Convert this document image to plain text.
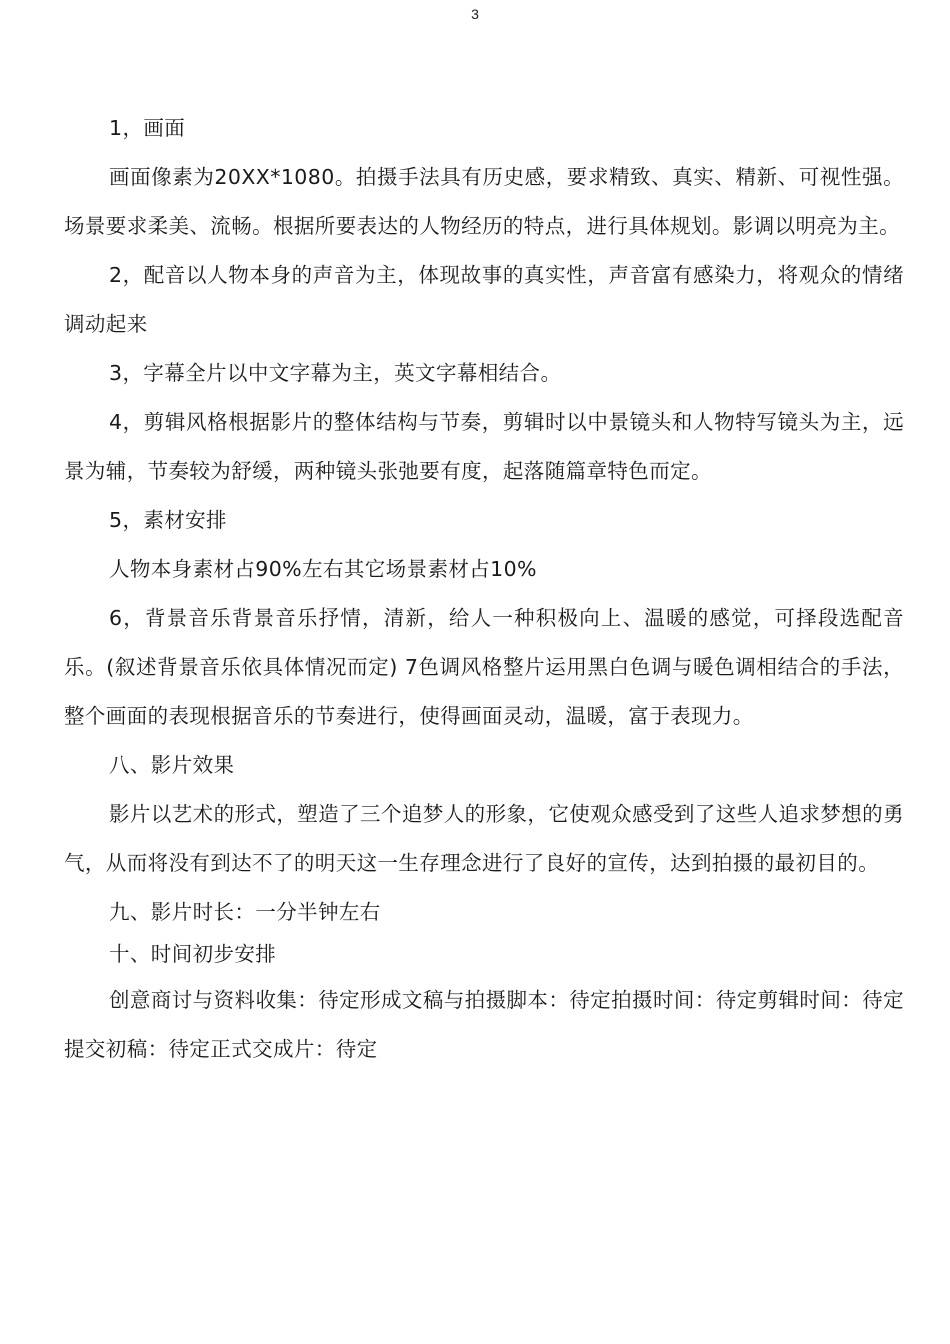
3

1，画面

画面像素为20XX*1080。拍摄手法具有历史感，要求精致、真实、精新、可视性强。场景要求柔美、流畅。根据所要表达的人物经历的特点，进行具体规划。影调以明亮为主。

2，配音以人物本身的声音为主，体现故事的真实性，声音富有感染力，将观众的情绪调动起来

3，字幕全片以中文字幕为主，英文字幕相结合。

4，剪辑风格根据影片的整体结构与节奏，剪辑时以中景镜头和人物特写镜头为主，远景为辅，节奏较为舒缓，两种镜头张弛要有度，起落随篇章特色而定。

5，素材安排

人物本身素材占90%左右其它场景素材占10%

6，背景音乐背景音乐抒情，清新，给人一种积极向上、温暖的感觉，可择段选配音乐。(叙述背景音乐依具体情况而定) 7色调风格整片运用黑白色调与暖色调相结合的手法，整个画面的表现根据音乐的节奏进行，使得画面灵动，温暖，富于表现力。

八、影片效果

影片以艺术的形式，塑造了三个追梦人的形象，它使观众感受到了这些人追求梦想的勇气，从而将没有到达不了的明天这一生存理念进行了良好的宣传，达到拍摄的最初目的。

九、影片时长：一分半钟左右

十、时间初步安排

创意商讨与资料收集：待定形成文稿与拍摄脚本：待定拍摄时间：待定剪辑时间：待定提交初稿：待定正式交成片：待定
